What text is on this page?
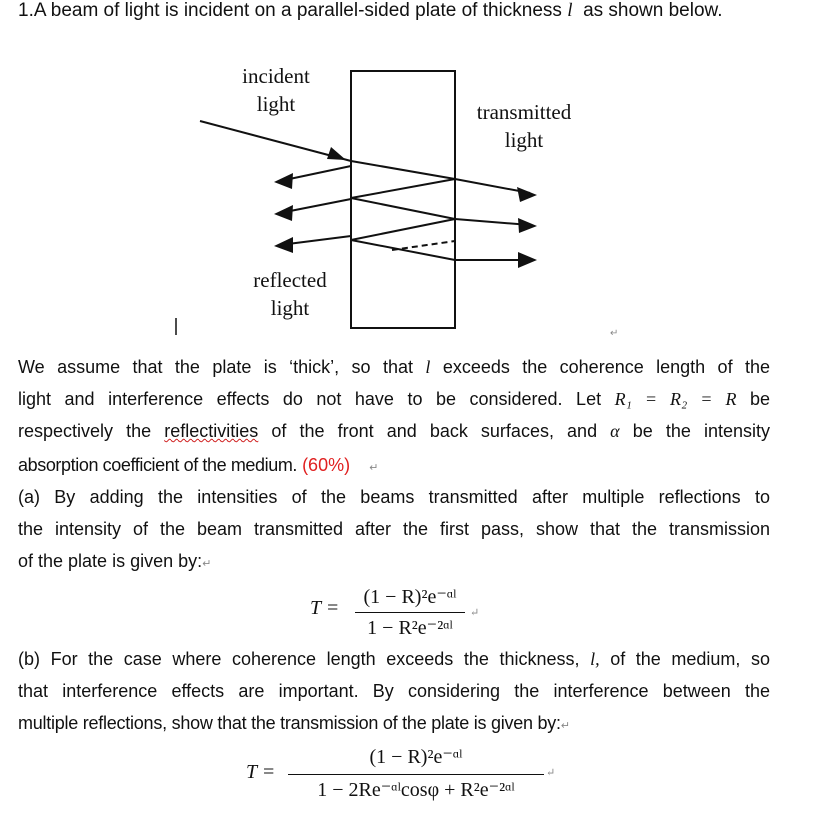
1.A beam of light is incident on a parallel-sided plate of thickness l as shown below.
↵
incident
light	transmitted
light
reflected
light
We assume that the plate is ‘thick’, so that l exceeds the coherence length of the
light and interference effects do not have to be considered. Let R₁ = R₂ = R be
respectively the reflectivities of the front and back surfaces, and α be the intensity
absorption coefficient of the medium. (60%) ↵
(a) By adding the intensities of the beams transmitted after multiple reflections to
the intensity of the beam transmitted after the first pass, show that the transmission
of the plate is given by:↵
T =	(1 − R)²e⁻ᵅˡ
1 − R²e⁻²ᵅˡ
↵
(b) For the case where coherence length exceeds the thickness, l, of the medium, so
that interference effects are important. By considering the interference between the
multiple reflections, show that the transmission of the plate is given by:↵
T =
(1 − R)²e⁻ᵅˡ
1 − 2Re⁻ᵅˡcosφ + R²e⁻²ᵅˡ
↵
